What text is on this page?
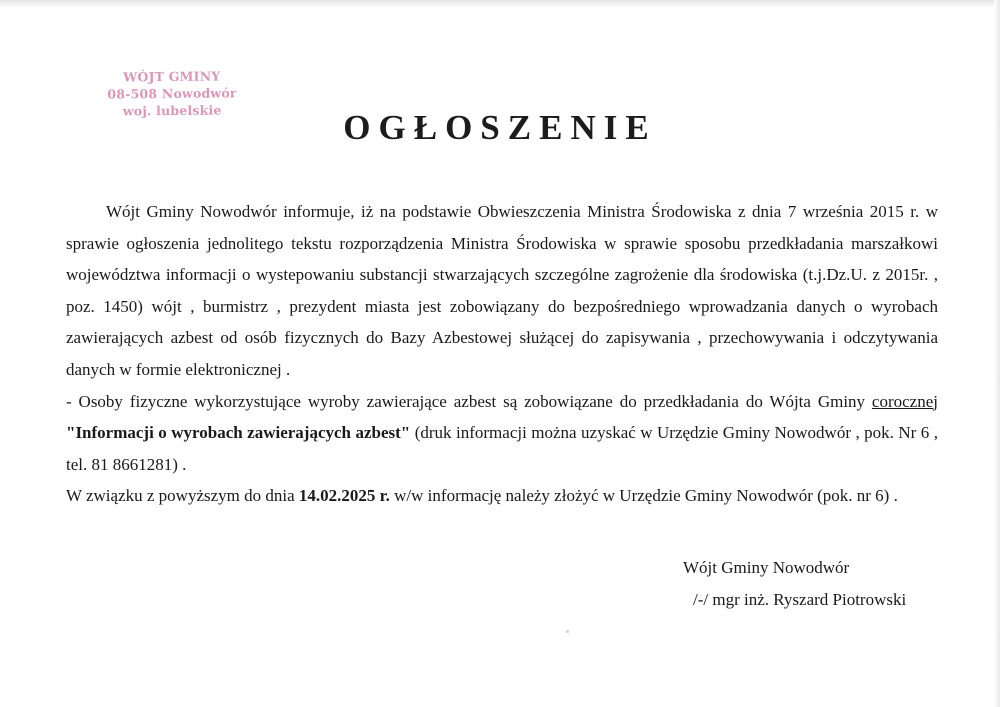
WÓJT GMINY
08-508 Nowodwór
woj. lubelskie	OGŁOSZENIE

Wójt Gminy Nowodwór informuje, iż na podstawie Obwieszczenia Ministra Środowiska z dnia 7 września 2015 r. w sprawie ogłoszenia jednolitego tekstu rozporządzenia Ministra Środowiska w sprawie sposobu przedkładania marszałkowi województwa informacji o wystepowaniu substancji stwarzających szczególne zagrożenie dla środowiska (t.j.Dz.U. z 2015r. , poz. 1450) wójt , burmistrz , prezydent miasta jest zobowiązany do bezpośredniego wprowadzania danych o wyrobach zawierających azbest od osób fizycznych do Bazy Azbestowej służącej do zapisywania , przechowywania i odczytywania danych w formie elektronicznej .

- Osoby fizyczne wykorzystujące wyroby zawierające azbest są zobowiązane do przedkładania do Wójta Gminy corocznej "Informacji o wyrobach zawierających azbest" (druk informacji można uzyskać w Urzędzie Gminy Nowodwór , pok. Nr 6 , tel. 81 8661281) .

W związku z powyższym do dnia 14.02.2025 r. w/w informację należy złożyć w Urzędzie Gminy Nowodwór (pok. nr 6) .

Wójt Gminy Nowodwór
/-/ mgr inż. Ryszard Piotrowski
